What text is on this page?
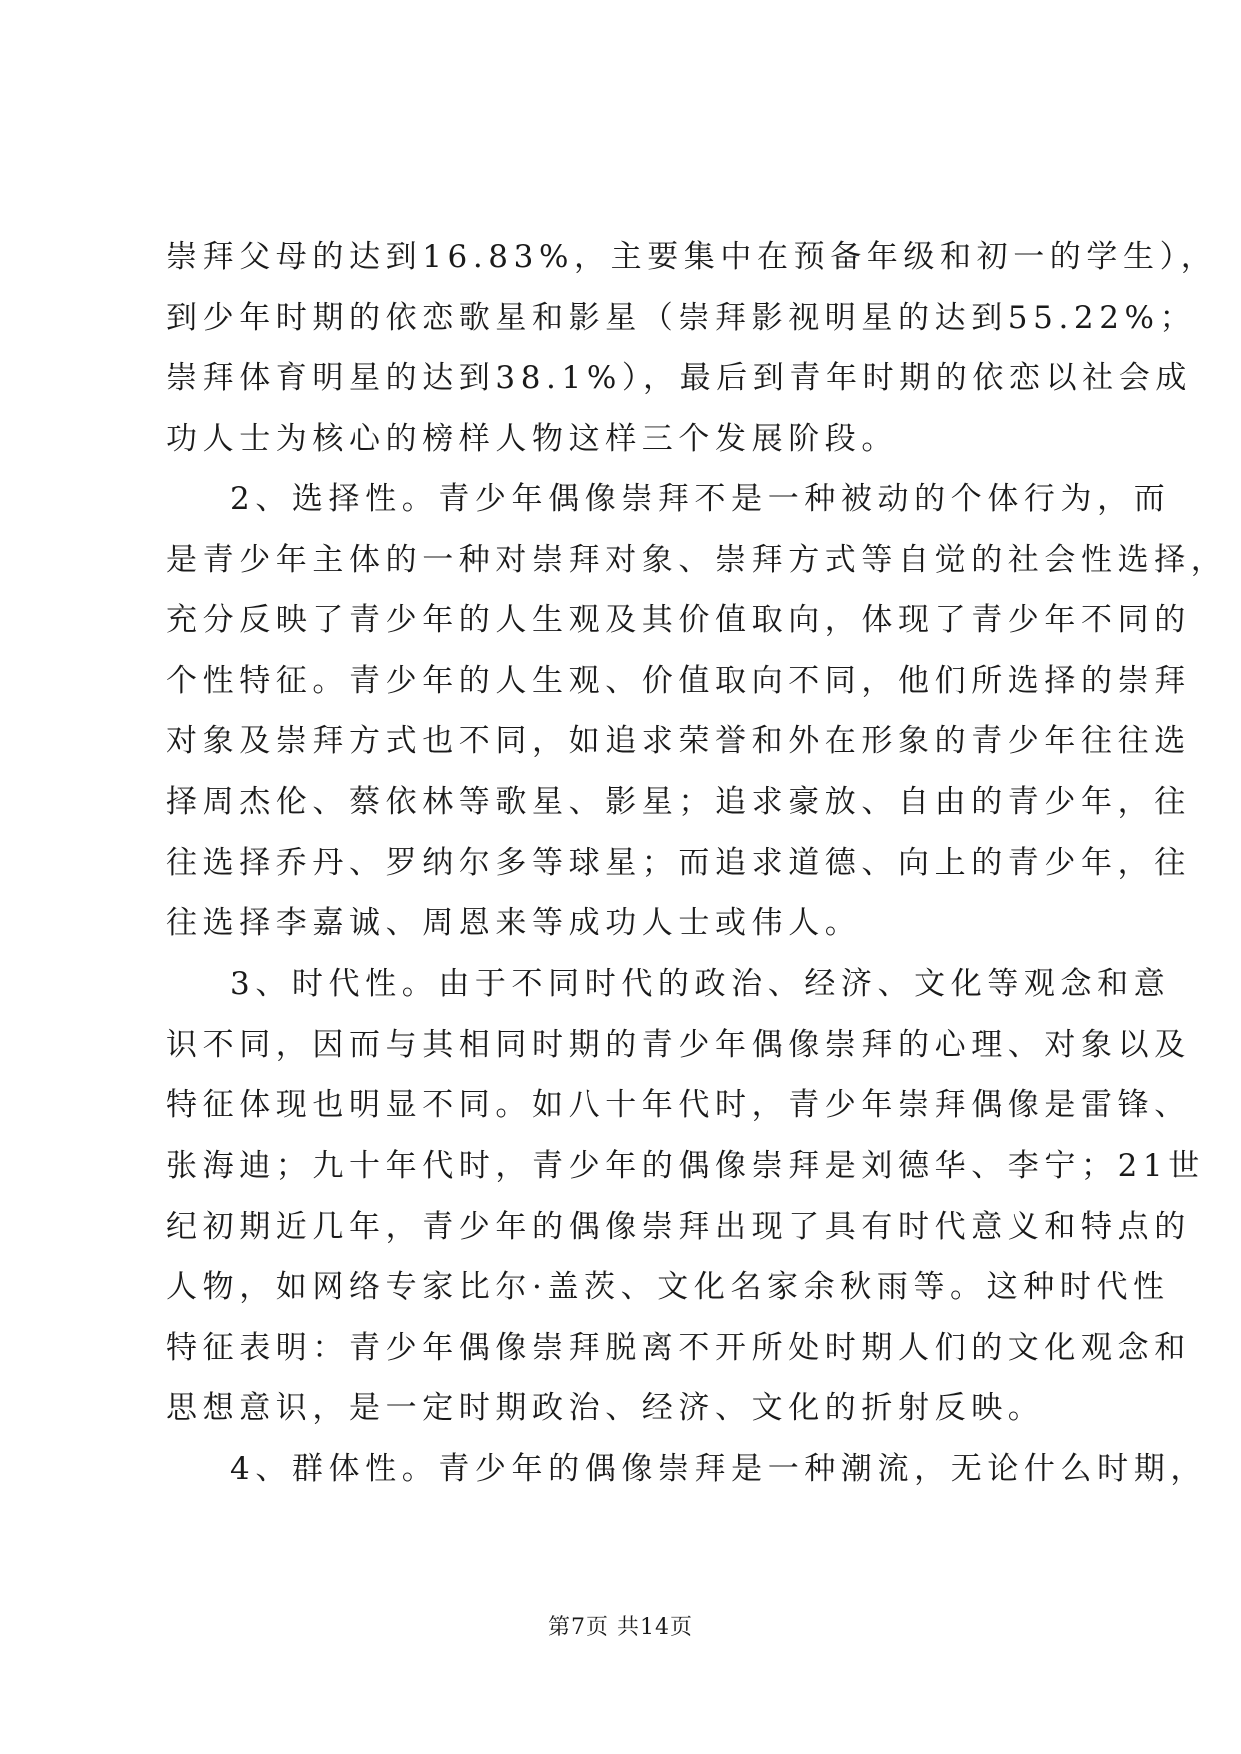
崇拜父母的达到16.83%，主要集中在预备年级和初一的学生），
到少年时期的依恋歌星和影星（崇拜影视明星的达到55.22%；
崇拜体育明星的达到38.1%），最后到青年时期的依恋以社会成
功人士为核心的榜样人物这样三个发展阶段。
2、选择性。青少年偶像崇拜不是一种被动的个体行为，而
是青少年主体的一种对崇拜对象、崇拜方式等自觉的社会性选择，
充分反映了青少年的人生观及其价值取向，体现了青少年不同的
个性特征。青少年的人生观、价值取向不同，他们所选择的崇拜
对象及崇拜方式也不同，如追求荣誉和外在形象的青少年往往选
择周杰伦、蔡依林等歌星、影星；追求豪放、自由的青少年，往
往选择乔丹、罗纳尔多等球星；而追求道德、向上的青少年，往
往选择李嘉诚、周恩来等成功人士或伟人。
3、时代性。由于不同时代的政治、经济、文化等观念和意
识不同，因而与其相同时期的青少年偶像崇拜的心理、对象以及
特征体现也明显不同。如八十年代时，青少年崇拜偶像是雷锋、
张海迪；九十年代时，青少年的偶像崇拜是刘德华、李宁；21世
纪初期近几年，青少年的偶像崇拜出现了具有时代意义和特点的
人物，如网络专家比尔·盖茨、文化名家余秋雨等。这种时代性
特征表明：青少年偶像崇拜脱离不开所处时期人们的文化观念和
思想意识，是一定时期政治、经济、文化的折射反映。
4、群体性。青少年的偶像崇拜是一种潮流，无论什么时期，
第7页 共14页
